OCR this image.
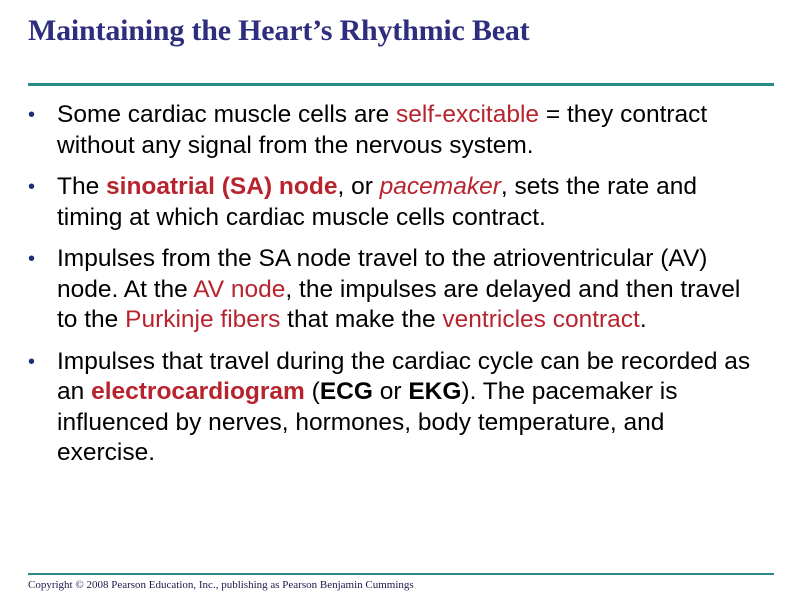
Maintaining the Heart’s Rhythmic Beat
• Some cardiac muscle cells are self-excitable = they contract without any signal from the nervous system.
• The sinoatrial (SA) node, or pacemaker, sets the rate and timing at which cardiac muscle cells contract.
• Impulses from the SA node travel to the atrioventricular (AV) node. At the AV node, the impulses are delayed and then travel to the Purkinje fibers that make the ventricles contract.
• Impulses that travel during the cardiac cycle can be recorded as an electrocardiogram (ECG or EKG). The pacemaker is influenced by nerves, hormones, body temperature, and exercise.
Copyright © 2008 Pearson Education, Inc., publishing as Pearson Benjamin Cummings
